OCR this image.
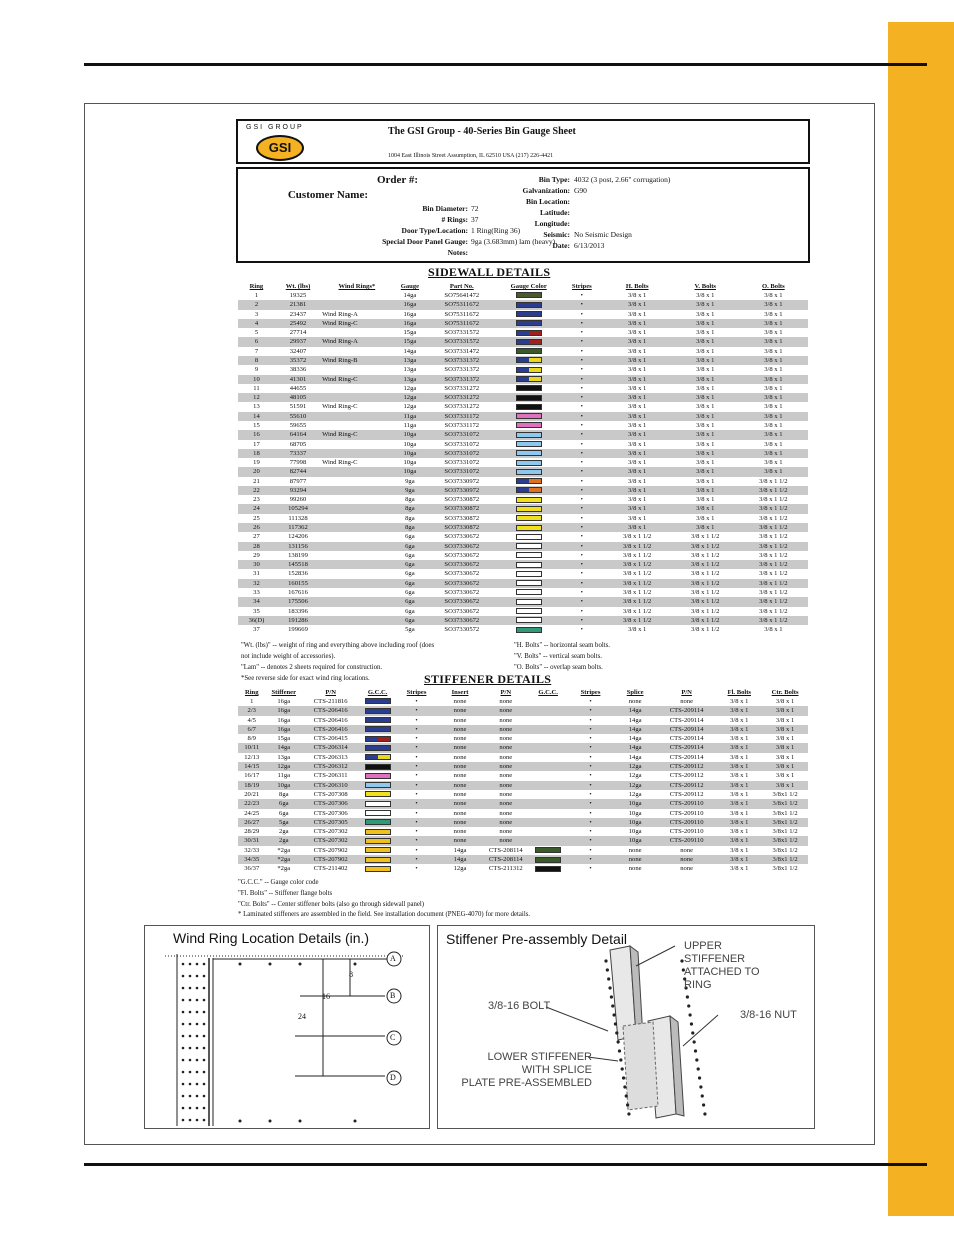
GSI GROUP
GSI
The GSI Group - 40-Series Bin Gauge Sheet
1004 East Illinois Street Assumption, IL 62510 USA (217) 226-4421
Order #:
Customer Name:
Bin Diameter:72
# Rings:37
Door Type/Location:1 Ring(Ring 36)
Special Door Panel Gauge:9ga (3.683mm) lam (heavy)
Notes:
Bin Type: 4032 (3 post, 2.66" corrugation)
Galvanization: G90
Bin Location:
Latitude:
Longitude:
Seismic: No Seismic Design
Date: 6/13/2013
SIDEWALL DETAILS
Ring	Wt. (lbs)	Wind Rings*	Gauge	Part No.	Gauge Color	Stripes	H. Bolts	V. Bolts	O. Bolts
1	19325		14ga	SO75641472		•	3/8 x 1	3/8 x 1	3/8 x 1
2	21381		16ga	SO75311672		•	3/8 x 1	3/8 x 1	3/8 x 1
3	23437	Wind Ring-A	16ga	SO75311672		•	3/8 x 1	3/8 x 1	3/8 x 1
4	25492	Wind Ring-C	16ga	SO75311672		•	3/8 x 1	3/8 x 1	3/8 x 1
5	27714		15ga	SO37331572		•	3/8 x 1	3/8 x 1	3/8 x 1
6	29937	Wind Ring-A	15ga	SO37331572		•	3/8 x 1	3/8 x 1	3/8 x 1
7	32407		14ga	SO37331472		•	3/8 x 1	3/8 x 1	3/8 x 1
8	35372	Wind Ring-B	13ga	SO37331372		•	3/8 x 1	3/8 x 1	3/8 x 1
9	38336		13ga	SO37331372		•	3/8 x 1	3/8 x 1	3/8 x 1
10	41301	Wind Ring-C	13ga	SO37331372		•	3/8 x 1	3/8 x 1	3/8 x 1
11	44655		12ga	SO37331272		•	3/8 x 1	3/8 x 1	3/8 x 1
12	48105		12ga	SO37331272		•	3/8 x 1	3/8 x 1	3/8 x 1
13	51591	Wind Ring-C	12ga	SO37331272		•	3/8 x 1	3/8 x 1	3/8 x 1
14	55610		11ga	SO37331172		•	3/8 x 1	3/8 x 1	3/8 x 1
15	59655		11ga	SO37331172		•	3/8 x 1	3/8 x 1	3/8 x 1
16	64164	Wind Ring-C	10ga	SO37331072		•	3/8 x 1	3/8 x 1	3/8 x 1
17	68705		10ga	SO37331072		•	3/8 x 1	3/8 x 1	3/8 x 1
18	73337		10ga	SO37331072		•	3/8 x 1	3/8 x 1	3/8 x 1
19	77998	Wind Ring-C	10ga	SO37331072		•	3/8 x 1	3/8 x 1	3/8 x 1
20	82744		10ga	SO37331072		•	3/8 x 1	3/8 x 1	3/8 x 1
21	87977		9ga	SO37330972		•	3/8 x 1	3/8 x 1	3/8 x 1 1/2
22	93294		9ga	SO37330972		•	3/8 x 1	3/8 x 1	3/8 x 1 1/2
23	99260		8ga	SO37330872		•	3/8 x 1	3/8 x 1	3/8 x 1 1/2
24	105294		8ga	SO37330872		•	3/8 x 1	3/8 x 1	3/8 x 1 1/2
25	111328		8ga	SO37330872		•	3/8 x 1	3/8 x 1	3/8 x 1 1/2
26	117362		8ga	SO37330872		•	3/8 x 1	3/8 x 1	3/8 x 1 1/2
27	124206		6ga	SO37330672		•	3/8 x 1 1/2	3/8 x 1 1/2	3/8 x 1 1/2
28	131156		6ga	SO37330672		•	3/8 x 1 1/2	3/8 x 1 1/2	3/8 x 1 1/2
29	138199		6ga	SO37330672		•	3/8 x 1 1/2	3/8 x 1 1/2	3/8 x 1 1/2
30	145518		6ga	SO37330672		•	3/8 x 1 1/2	3/8 x 1 1/2	3/8 x 1 1/2
31	152836		6ga	SO37330672		•	3/8 x 1 1/2	3/8 x 1 1/2	3/8 x 1 1/2
32	160155		6ga	SO37330672		•	3/8 x 1 1/2	3/8 x 1 1/2	3/8 x 1 1/2
33	167616		6ga	SO37330672		•	3/8 x 1 1/2	3/8 x 1 1/2	3/8 x 1 1/2
34	175506		6ga	SO37330672		•	3/8 x 1 1/2	3/8 x 1 1/2	3/8 x 1 1/2
35	183396		6ga	SO37330672		•	3/8 x 1 1/2	3/8 x 1 1/2	3/8 x 1 1/2
36(D)	191286		6ga	SO37330672		•	3/8 x 1 1/2	3/8 x 1 1/2	3/8 x 1 1/2
37	199669		5ga	SO37330572		•	3/8 x 1	3/8 x 1 1/2	3/8 x 1
"Wt. (lbs)" -- weight of ring and everything above including roof (does
not include weight of accessories).
"Lam" -- denotes 2 sheets required for construction.
*See reverse side for exact wind ring locations.
"H. Bolts" -- horizontal seam bolts.
"V. Bolts" -- vertical seam bolts.
"O. Bolts" -- overlap seam bolts.
STIFFENER DETAILS
Ring	Stiffener	P/N	G.C.C.	Stripes	Insert	P/N	G.C.C.	Stripes	Splice	P/N	Fl. Bolts	Ctr. Bolts
1	16ga	CTS-211816		•	none	none		•	none	none	3/8 x 1	3/8 x 1
2/3	16ga	CTS-206416		•	none	none		•	14ga	CTS-209114	3/8 x 1	3/8 x 1
4/5	16ga	CTS-206416		•	none	none		•	14ga	CTS-209114	3/8 x 1	3/8 x 1
6/7	16ga	CTS-206416		•	none	none		•	14ga	CTS-209114	3/8 x 1	3/8 x 1
8/9	15ga	CTS-206415		•	none	none		•	14ga	CTS-209114	3/8 x 1	3/8 x 1
10/11	14ga	CTS-206314		•	none	none		•	14ga	CTS-209114	3/8 x 1	3/8 x 1
12/13	13ga	CTS-206313		•	none	none		•	14ga	CTS-209114	3/8 x 1	3/8 x 1
14/15	12ga	CTS-206312		•	none	none		•	12ga	CTS-209112	3/8 x 1	3/8 x 1
16/17	11ga	CTS-206311		•	none	none		•	12ga	CTS-209112	3/8 x 1	3/8 x 1
18/19	10ga	CTS-206310		•	none	none		•	12ga	CTS-209112	3/8 x 1	3/8 x 1
20/21	8ga	CTS-207308		•	none	none		•	12ga	CTS-209112	3/8 x 1	3/8x1 1/2
22/23	6ga	CTS-207306		•	none	none		•	10ga	CTS-209110	3/8 x 1	3/8x1 1/2
24/25	6ga	CTS-207306		•	none	none		•	10ga	CTS-209110	3/8 x 1	3/8x1 1/2
26/27	5ga	CTS-207305		•	none	none		•	10ga	CTS-209110	3/8 x 1	3/8x1 1/2
28/29	2ga	CTS-207302		•	none	none		•	10ga	CTS-209110	3/8 x 1	3/8x1 1/2
30/31	2ga	CTS-207302		•	none	none		•	10ga	CTS-209110	3/8 x 1	3/8x1 1/2
32/33	*2ga	CTS-207902		•	14ga	CTS-208114		•	none	none	3/8 x 1	3/8x1 1/2
34/35	*2ga	CTS-207902		•	14ga	CTS-208114		•	none	none	3/8 x 1	3/8x1 1/2
36/37	*2ga	CTS-211402		•	12ga	CTS-211312		•	none	none	3/8 x 1	3/8x1 1/2
"G.C.C." -- Gauge color code
"Fl. Bolts" -- Stiffener flange bolts
"Ctr. Bolts" -- Center stiffener bolts (also go through sidewall panel)
* Laminated stiffeners are assembled in the field. See installation document (PNEG-4070) for more details.
Wind Ring Location Details (in.)
8
16
24
A
B
C
D
Stiffener Pre-assembly Detail	UPPER
STIFFENER
ATTACHED TO
RING
3/8-16 BOLT
3/8-16 NUT
LOWER STIFFENER
WITH SPLICE
PLATE PRE-ASSEMBLED
